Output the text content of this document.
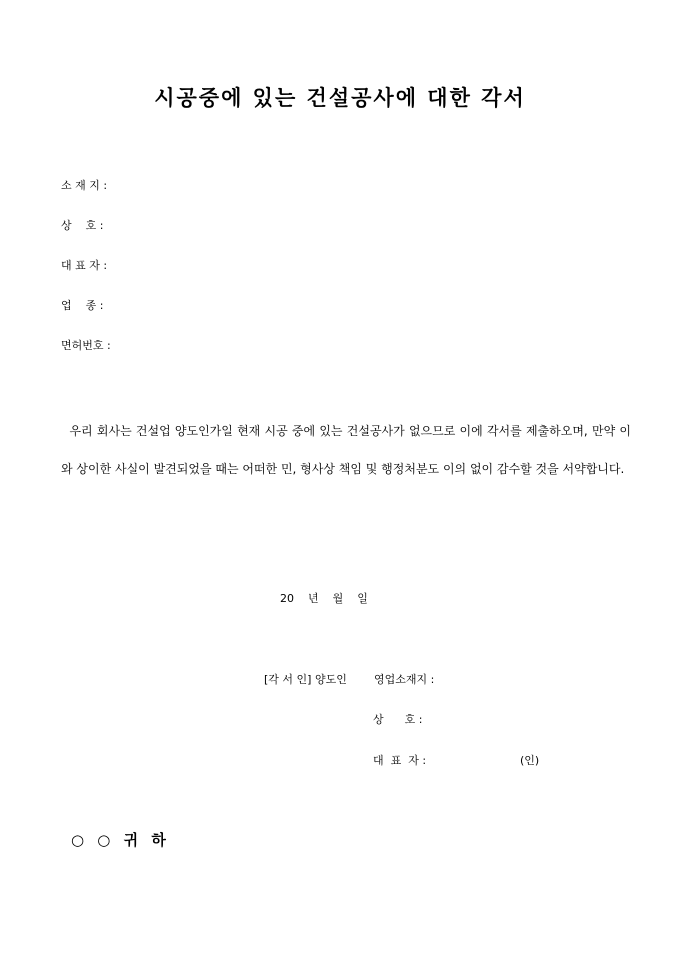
시공중에 있는 건설공사에 대한 각서
소 재 지 :
상    호 :
대 표 자 :
업    종 :
면허번호 :

우리 회사는 건설업 양도인가일 현재 시공 중에 있는 건설공사가 없으므로 이에 각서를 제출하오며, 만약 이와 상이한 사실이 발견되었을 때는 어떠한 민, 형사상 책임 및 행정처분도 이의 없이 감수할 것을 서약합니다.

20    년    월    일
[각 서 인] 양도인 영업소재지 :
상      호 :
대  표  자 :	(인)
○ ○ 귀 하
